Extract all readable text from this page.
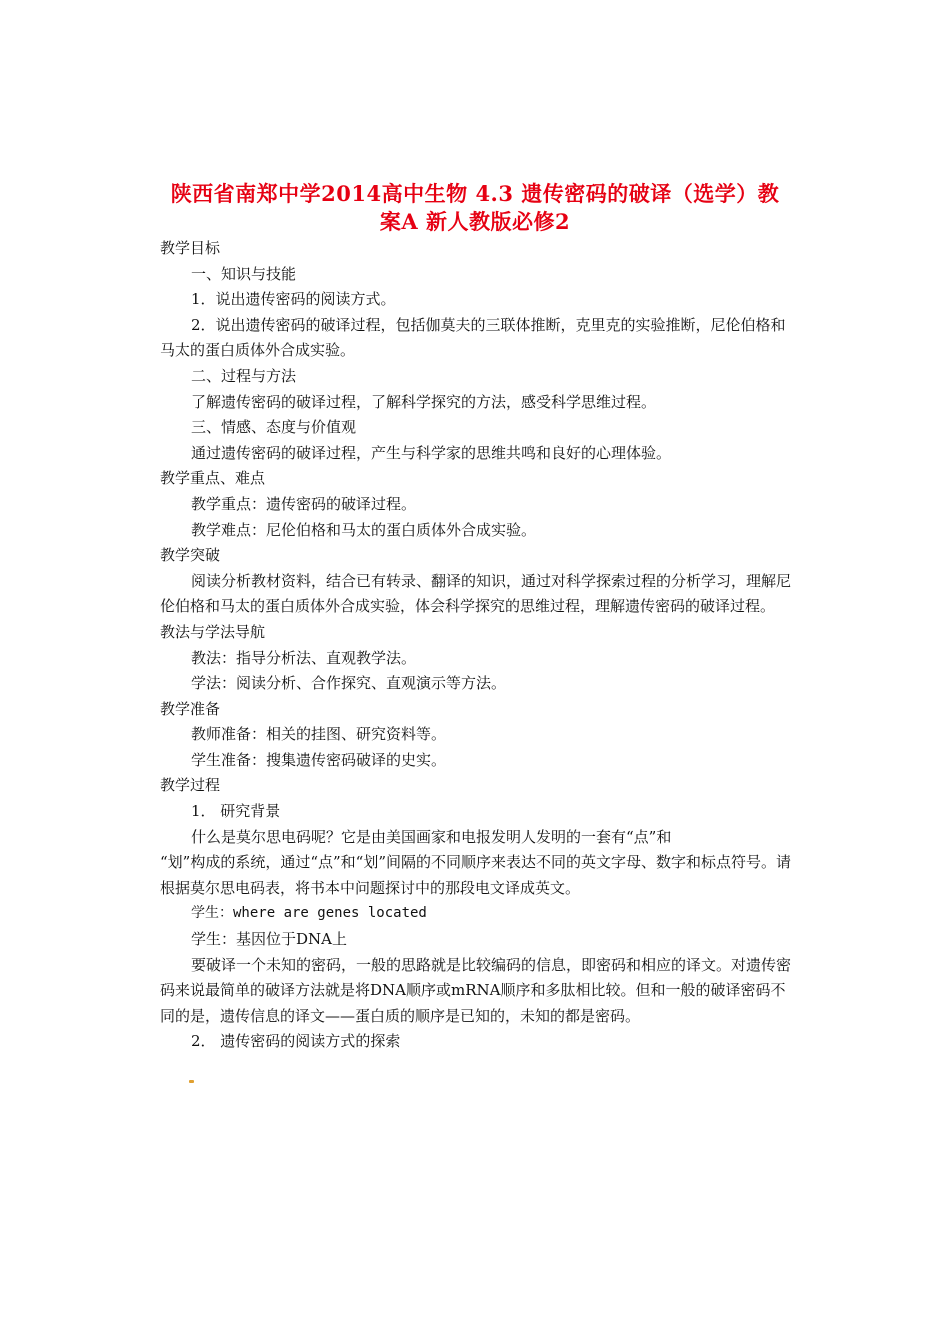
陕西省南郑中学2014高中生物 4.3 遗传密码的破译（选学）教
案A 新人教版必修2

教学目标

一、知识与技能

1．说出遗传密码的阅读方式。

2．说出遗传密码的破译过程，包括伽莫夫的三联体推断，克里克的实验推断，尼伦伯格和马太的蛋白质体外合成实验。

二、过程与方法

了解遗传密码的破译过程，了解科学探究的方法，感受科学思维过程。

三、情感、态度与价值观

通过遗传密码的破译过程，产生与科学家的思维共鸣和良好的心理体验。

教学重点、难点

教学重点：遗传密码的破译过程。

教学难点：尼伦伯格和马太的蛋白质体外合成实验。

教学突破

阅读分析教材资料，结合已有转录、翻译的知识，通过对科学探索过程的分析学习，理解尼伦伯格和马太的蛋白质体外合成实验，体会科学探究的思维过程，理解遗传密码的破译过程。

教法与学法导航

教法：指导分析法、直观教学法。

学法：阅读分析、合作探究、直观演示等方法。

教学准备

教师准备：相关的挂图、研究资料等。

学生准备：搜集遗传密码破译的史实。

教学过程

1． 研究背景

什么是莫尔思电码呢？它是由美国画家和电报发明人发明的一套有“点”和

“划”构成的系统，通过“点”和“划”间隔的不同顺序来表达不同的英文字母、数字和标点符号。请根据莫尔思电码表，将书本中问题探讨中的那段电文译成英文。

学生：where are genes located

学生：基因位于DNA上

要破译一个未知的密码，一般的思路就是比较编码的信息，即密码和相应的译文。对遗传密码来说最简单的破译方法就是将DNA顺序或mRNA顺序和多肽相比较。但和一般的破译密码不同的是，遗传信息的译文——蛋白质的顺序是已知的，未知的都是密码。

2． 遗传密码的阅读方式的探索
